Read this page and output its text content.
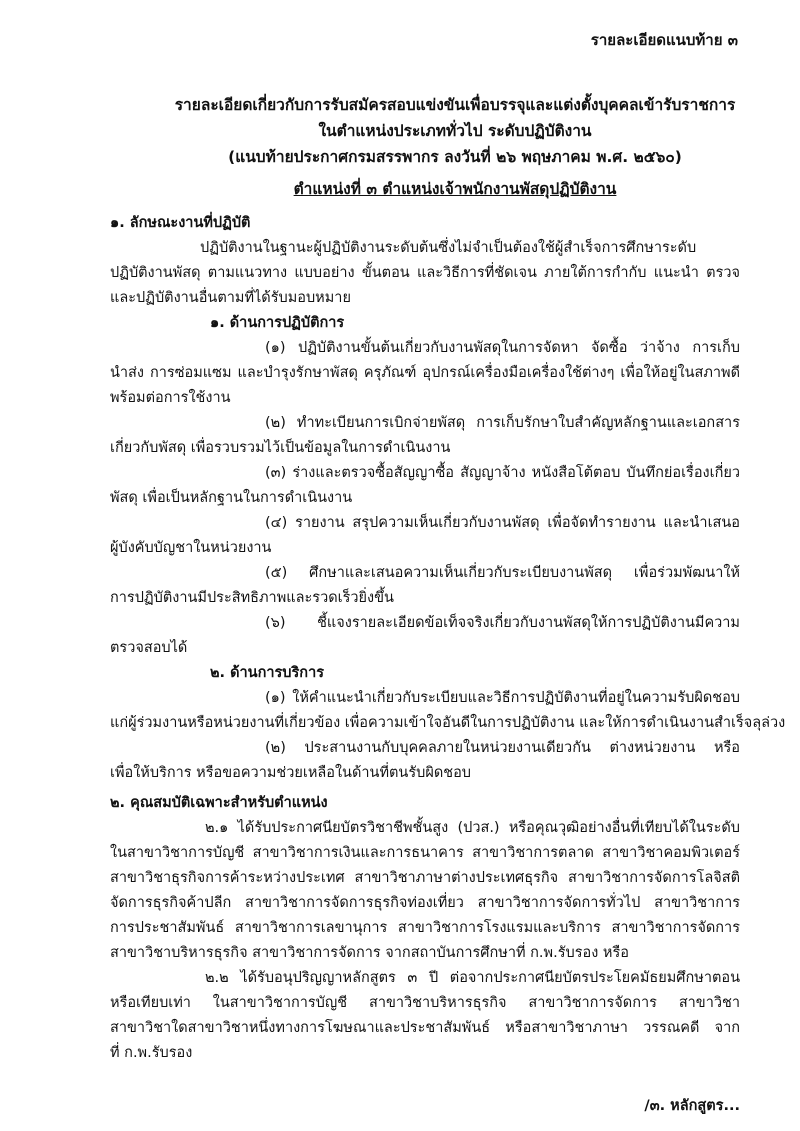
รายละเอียดแนบท้าย ๓
รายละเอียดเกี่ยวกับการรับสมัครสอบแข่งขันเพื่อบรรจุและแต่งตั้งบุคคลเข้ารับราชการ
ในตำแหน่งประเภททั่วไป ระดับปฏิบัติงาน
(แนบท้ายประกาศกรมสรรพากร ลงวันที่ ๒๖ พฤษภาคม พ.ศ. ๒๕๖๐)
ตำแหน่งที่ ๓ ตำแหน่งเจ้าพนักงานพัสดุปฏิบัติงาน
๑. ลักษณะงานที่ปฏิบัติ
ปฏิบัติงานในฐานะผู้ปฏิบัติงานระดับต้นซึ่งไม่จำเป็นต้องใช้ผู้สำเร็จการศึกษาระดับ
ปฏิบัติงานพัสดุ ตามแนวทาง แบบอย่าง ขั้นตอน และวิธีการที่ชัดเจน ภายใต้การกำกับ แนะนำ ตรวจ
และปฏิบัติงานอื่นตามที่ได้รับมอบหมาย
๑. ด้านการปฏิบัติการ
(๑) ปฏิบัติงานขั้นต้นเกี่ยวกับงานพัสดุในการจัดหา จัดซื้อ ว่าจ้าง การเก็บ
นำส่ง การซ่อมแซม และบำรุงรักษาพัสดุ ครุภัณฑ์ อุปกรณ์เครื่องมือเครื่องใช้ต่างๆ เพื่อให้อยู่ในสภาพดี
พร้อมต่อการใช้งาน
(๒) ทำทะเบียนการเบิกจ่ายพัสดุ การเก็บรักษาใบสำคัญหลักฐานและเอกสาร
เกี่ยวกับพัสดุ เพื่อรวบรวมไว้เป็นข้อมูลในการดำเนินงาน
(๓) ร่างและตรวจซื้อสัญญาซื้อ สัญญาจ้าง หนังสือโต้ตอบ บันทึกย่อเรื่องเกี่ยว
พัสดุ เพื่อเป็นหลักฐานในการดำเนินงาน
(๔) รายงาน สรุปความเห็นเกี่ยวกับงานพัสดุ เพื่อจัดทำรายงาน และนำเสนอ
ผู้บังคับบัญชาในหน่วยงาน
(๕) ศึกษาและเสนอความเห็นเกี่ยวกับระเบียบงานพัสดุ เพื่อร่วมพัฒนาให้
การปฏิบัติงานมีประสิทธิภาพและรวดเร็วยิ่งขึ้น
(๖) ชี้แจงรายละเอียดข้อเท็จจริงเกี่ยวกับงานพัสดุให้การปฏิบัติงานมีความ
ตรวจสอบได้
๒. ด้านการบริการ
(๑) ให้คำแนะนำเกี่ยวกับระเบียบและวิธีการปฏิบัติงานที่อยู่ในความรับผิดชอบ
แก่ผู้ร่วมงานหรือหน่วยงานที่เกี่ยวข้อง เพื่อความเข้าใจอันดีในการปฏิบัติงาน และให้การดำเนินงานสำเร็จลุล่วง
(๒) ประสานงานกับบุคคลภายในหน่วยงานเดียวกัน ต่างหน่วยงาน หรือ
เพื่อให้บริการ หรือขอความช่วยเหลือในด้านที่ตนรับผิดชอบ
๒. คุณสมบัติเฉพาะสำหรับตำแหน่ง
๒.๑ ได้รับประกาศนียบัตรวิชาชีพชั้นสูง (ปวส.) หรือคุณวุฒิอย่างอื่นที่เทียบได้ในระดับ
ในสาขาวิชาการบัญชี สาขาวิชาการเงินและการธนาคาร สาขาวิชาการตลาด สาขาวิชาคอมพิวเตอร์
สาขาวิชาธุรกิจการค้าระหว่างประเทศ สาขาวิชาภาษาต่างประเทศธุรกิจ สาขาวิชาการจัดการโลจิสติ
จัดการธุรกิจค้าปลีก สาขาวิชาการจัดการธุรกิจท่องเที่ยว สาขาวิชาการจัดการทั่วไป สาขาวิชาการ
การประชาสัมพันธ์ สาขาวิชาการเลขานุการ สาขาวิชาการโรงแรมและบริการ สาขาวิชาการจัดการ
สาขาวิชาบริหารธุรกิจ สาขาวิชาการจัดการ จากสถาบันการศึกษาที่ ก.พ.รับรอง หรือ
๒.๒ ได้รับอนุปริญญาหลักสูตร ๓ ปี ต่อจากประกาศนียบัตรประโยคมัธยมศึกษาตอน
หรือเทียบเท่า ในสาขาวิชาการบัญชี สาขาวิชาบริหารธุรกิจ สาขาวิชาการจัดการ สาขาวิชา
สาขาวิชาใดสาขาวิชาหนึ่งทางการโฆษณาและประชาสัมพันธ์ หรือสาขาวิชาภาษา วรรณคดี จาก
ที่ ก.พ.รับรอง
/๓. หลักสูตร...
